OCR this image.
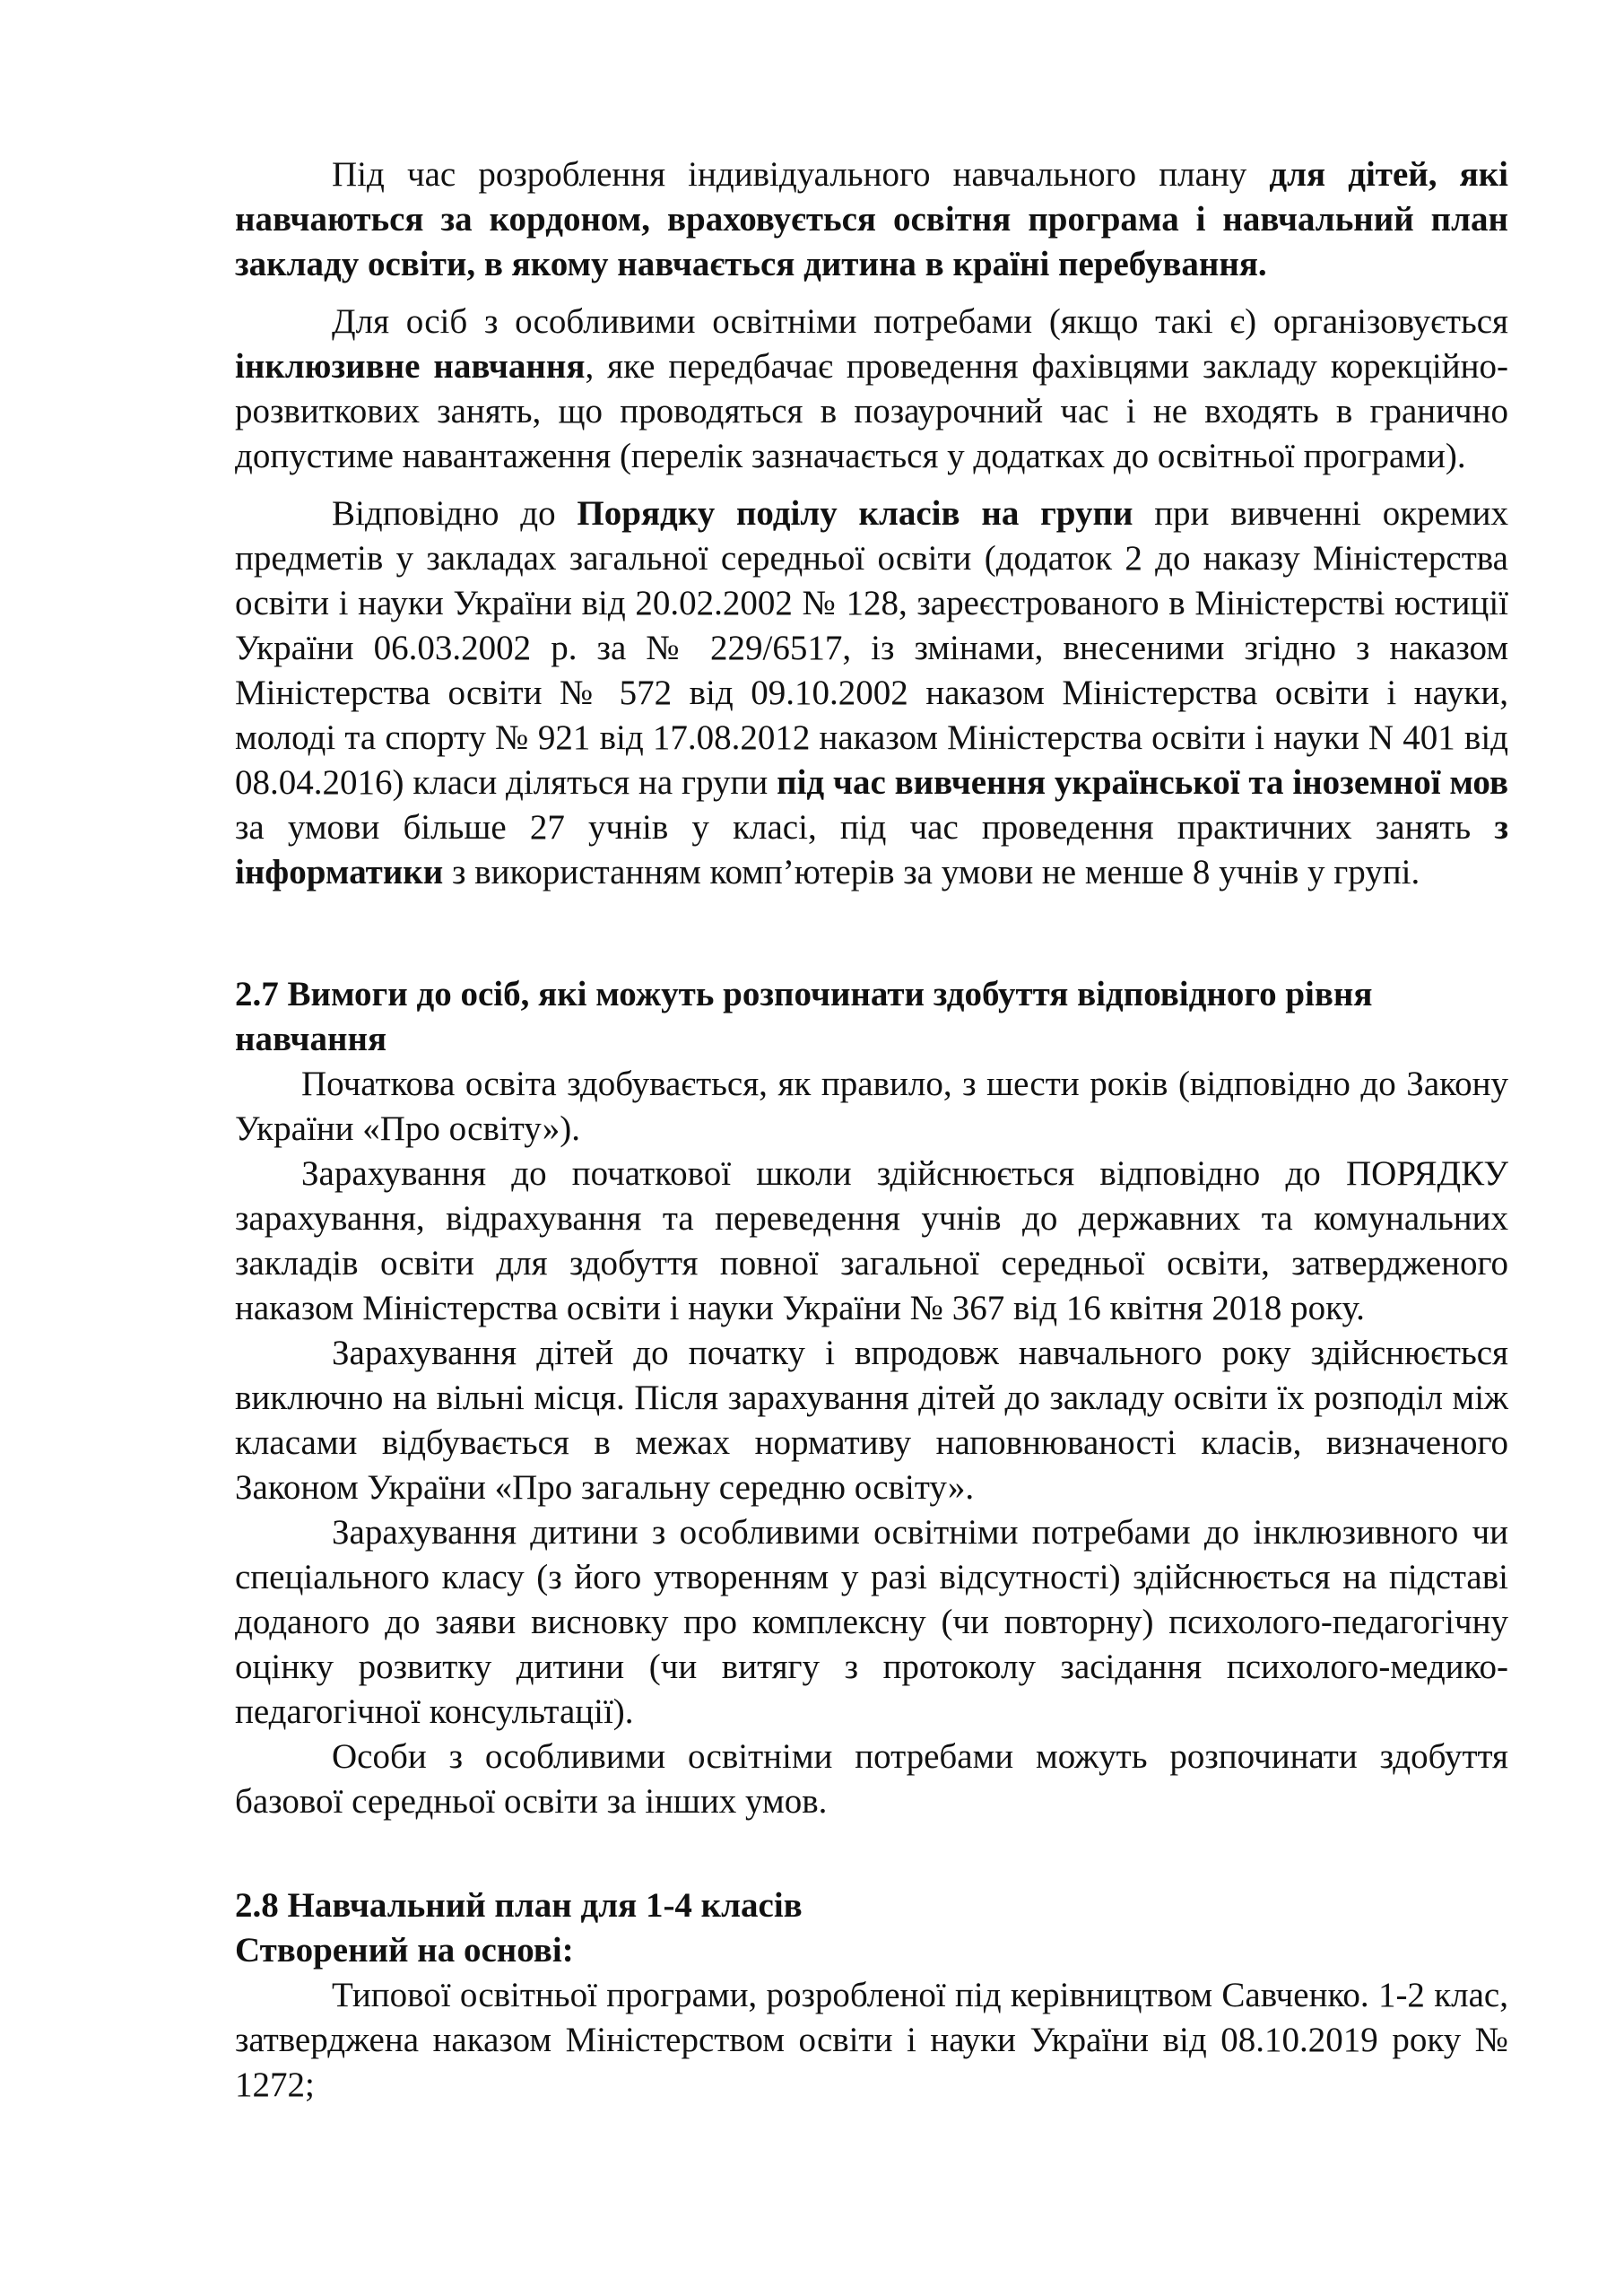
Під час розроблення індивідуального навчального плану для дітей, які навчаються за кордоном, враховується освітня програма і навчальний план закладу освіти, в якому навчається дитина в країні перебування.

Для осіб з особливими освітніми потребами (якщо такі є) організовується інклюзивне навчання, яке передбачає проведення фахівцями закладу корекційно-розвиткових занять, що проводяться в позаурочний час і не входять в гранично допустиме навантаження (перелік зазначається у додатках до освітньої програми).

Відповідно до Порядку поділу класів на групи при вивченні окремих предметів у закладах загальної середньої освіти (додаток 2 до наказу Міністерства освіти і науки України від 20.02.2002 № 128, зареєстрованого в Міністерстві юстиції України 06.03.2002 р. за № 229/6517, із змінами, внесеними згідно з наказом Міністерства освіти № 572 від 09.10.2002 наказом Міністерства освіти і науки, молоді та спорту № 921 від 17.08.2012 наказом Міністерства освіти і науки N 401 від 08.04.2016) класи діляться на групи під час вивчення української та іноземної мов за умови більше 27 учнів у класі, під час проведення практичних занять з інформатики з використанням комп’ютерів за умови не менше 8 учнів у групі.

2.7 Вимоги до осіб, які можуть розпочинати здобуття відповідного рівня навчання

Початкова освіта здобувається, як правило, з шести років (відповідно до Закону України «Про освіту»).

Зарахування до початкової школи здійснюється відповідно до ПОРЯДКУ зарахування, відрахування та переведення учнів до державних та комунальних закладів освіти для здобуття повної загальної середньої освіти, затвердженого наказом Міністерства освіти і науки України № 367 від 16 квітня 2018 року.

Зарахування дітей до початку і впродовж навчального року здійснюється виключно на вільні місця. Після зарахування дітей до закладу освіти їх розподіл між класами відбувається в межах нормативу наповнюваності класів, визначеного Законом України «Про загальну середню освіту».

Зарахування дитини з особливими освітніми потребами до інклюзивного чи спеціального класу (з його утворенням у разі відсутності) здійснюється на підставі доданого до заяви висновку про комплексну (чи повторну) психолого-педагогічну оцінку розвитку дитини (чи витягу з протоколу засідання психолого-медико-педагогічної консультації).

Особи з особливими освітніми потребами можуть розпочинати здобуття базової середньої освіти за інших умов.

2.8 Навчальний план для 1-4 класів

Створений на основі:

Типової освітньої програми, розробленої під керівництвом Савченко. 1-2 клас, затверджена наказом Міністерством освіти і науки України від 08.10.2019 року № 1272;
